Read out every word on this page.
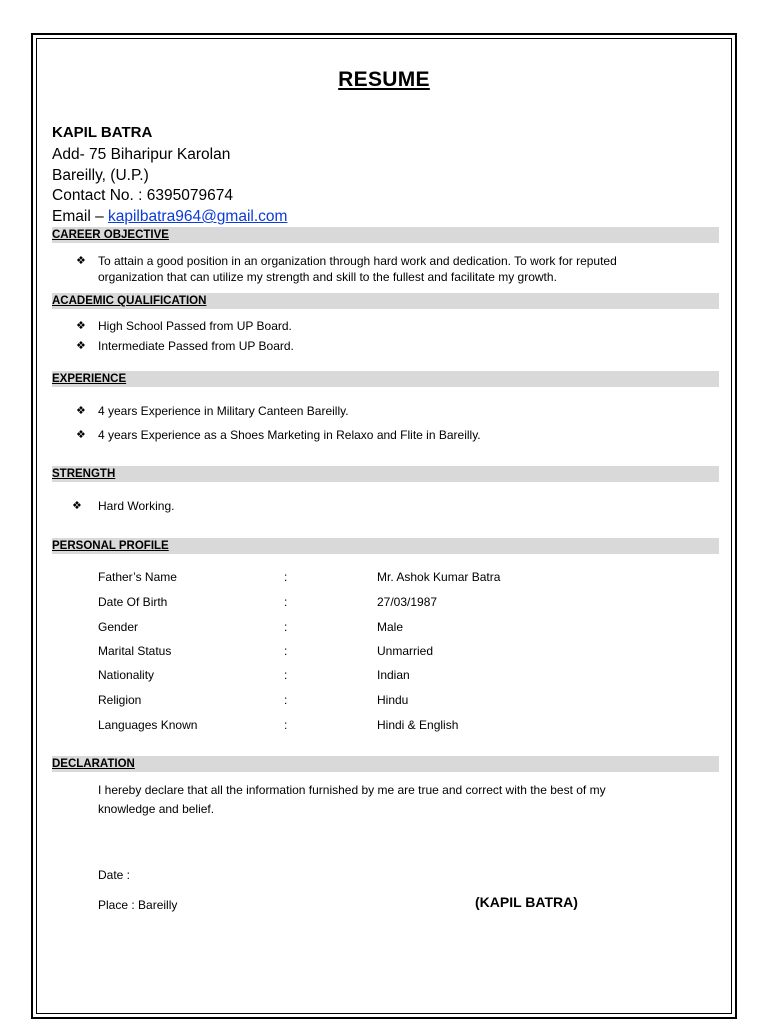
RESUME
KAPIL BATRA
Add- 75 Biharipur Karolan
Bareilly, (U.P.)
Contact No. : 6395079674
Email – kapilbatra964@gmail.com
CAREER OBJECTIVE
❖ To attain a good position in an organization through hard work and dedication. To work for reputed
organization that can utilize my strength and skill to the fullest and facilitate my growth.
ACADEMIC QUALIFICATION
❖ High School Passed from UP Board.
❖ Intermediate Passed from UP Board.
EXPERIENCE
❖ 4 years Experience in Military Canteen Bareilly.
❖ 4 years Experience as a Shoes Marketing in Relaxo and Flite in Bareilly.
STRENGTH
❖ Hard Working.
PERSONAL PROFILE
Father’s Name	:	Mr. Ashok Kumar Batra
Date Of Birth	:	27/03/1987
Gender	:	Male
Marital Status	:	Unmarried
Nationality	:	Indian
Religion	:	Hindu
Languages Known	:	Hindi & English
DECLARATION
I hereby declare that all the information furnished by me are true and correct with the best of my
knowledge and belief.
Date :
Place : Bareilly	(KAPIL BATRA)
